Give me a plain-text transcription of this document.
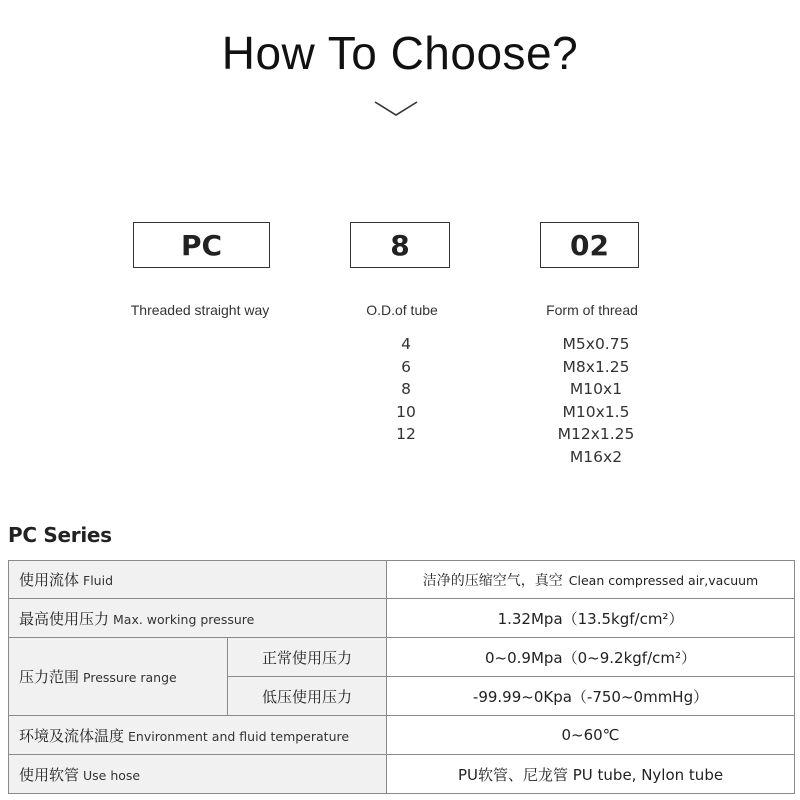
How To Choose?
PC	8	02
Threaded straight way	O.D.of tube	Form of thread
4
6
8
10
12
M5x0.75
M8x1.25
M10x1
M10x1.5
M12x1.25
M16x2
PC Series
使用流体 Fluid		洁净的压缩空气，真空 Clean compressed air,vacuum
最高使用压力 Max. working pressure		1.32Mpa（13.5kgf/cm²）
压力范围 Pressure range	正常使用压力	0~0.9Mpa（0~9.2kgf/cm²）
	低压使用压力	-99.99~0Kpa（-750~0mmHg）
环境及流体温度 Environment and fluid temperature		0~60℃
使用软管 Use hose		PU软管、尼龙管 PU tube, Nylon tube
